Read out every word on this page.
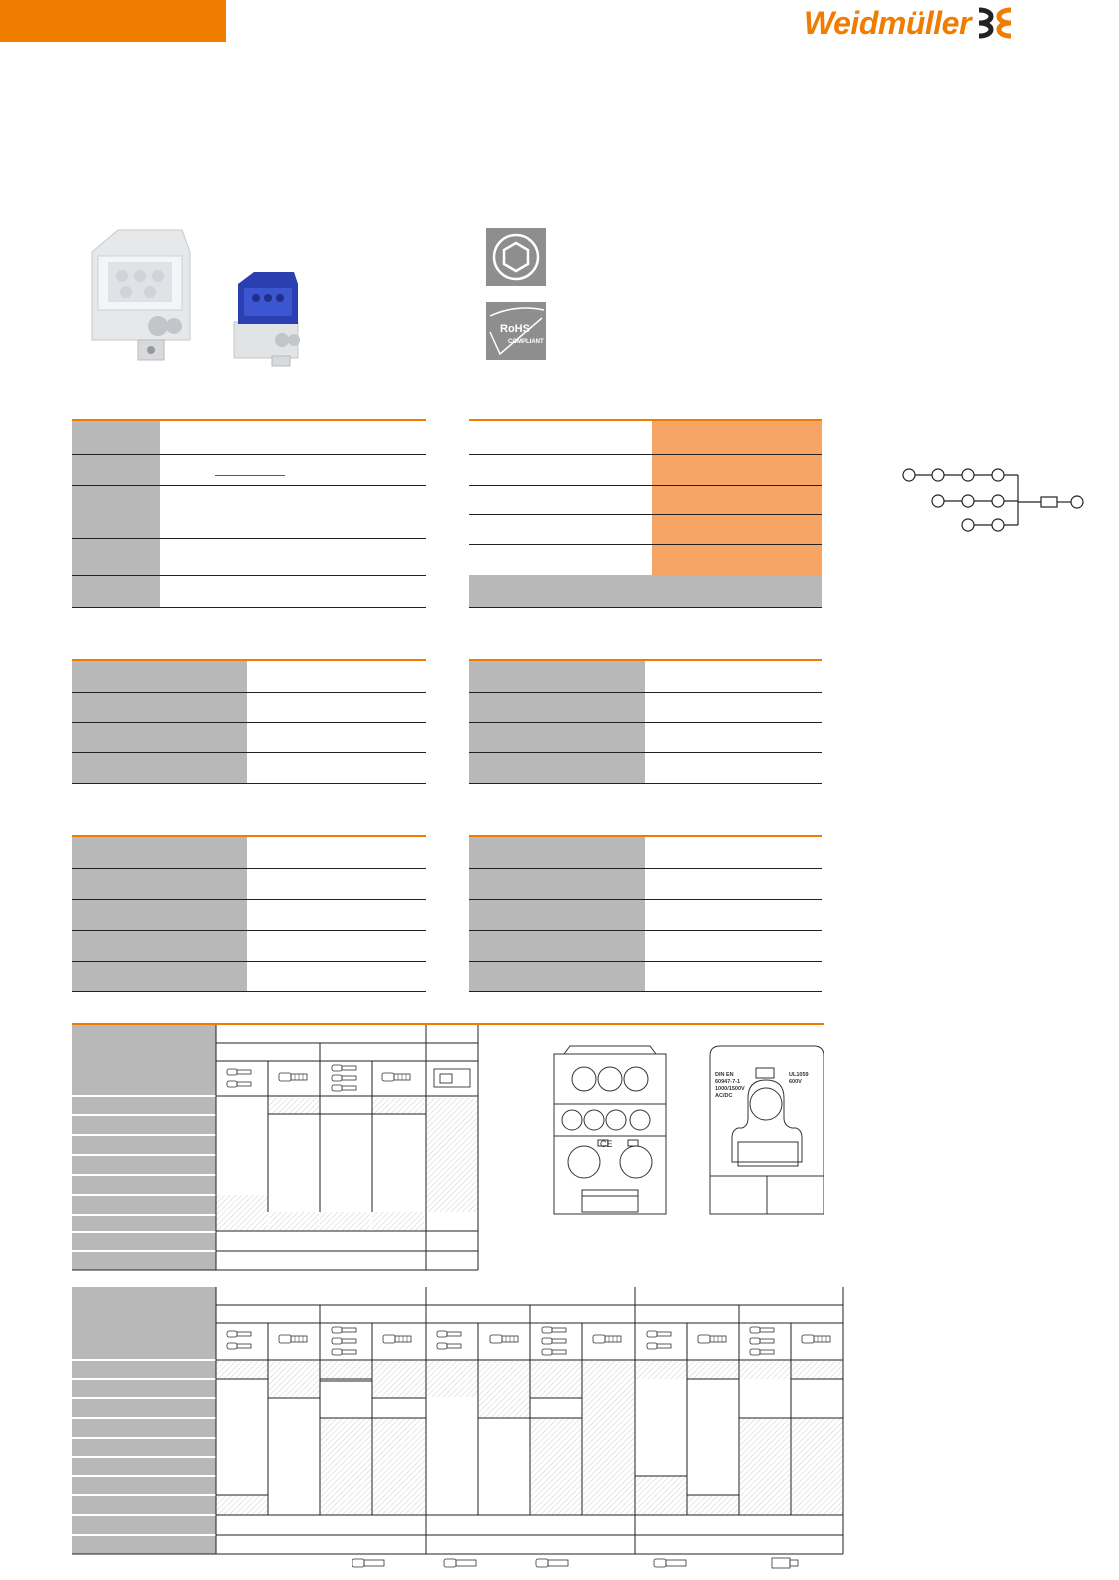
Weidmüller
RoHS
COMPLIANT
CE
DIN EN
60947-7-1
1000/1500V
AC/DC
UL1059
600V
